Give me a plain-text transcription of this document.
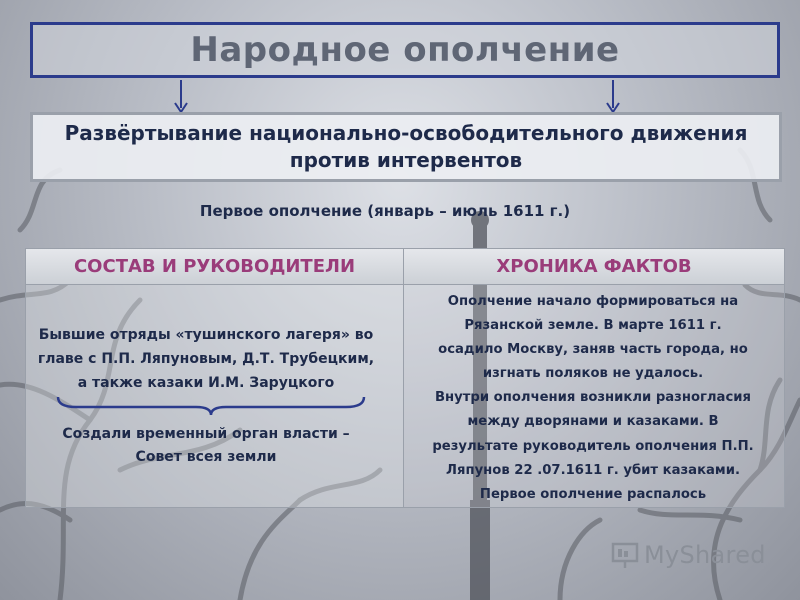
Народное ополчение
Развёртывание национально-освободительного движения
против интервентов
Первое ополчение (январь – июль 1611 г.)
СОСТАВ И РУКОВОДИТЕЛИ	ХРОНИКА ФАКТОВ
Бывшие отряды «тушинского лагеря» во
главе с П.П. Ляпуновым, Д.Т. Трубецким,
а также казаки И.М. Заруцкого
Создали временный орган власти –
Совет всея земли
Ополчение начало формироваться на
Рязанской земле. В марте 1611 г.
осадило Москву, заняв часть города, но
изгнать поляков не удалось.
Внутри ополчения возникли разногласия
между дворянами и казаками. В
результате руководитель ополчения П.П.
Ляпунов 22 .07.1611 г. убит казаками.
Первое ополчение распалось
MyShared
